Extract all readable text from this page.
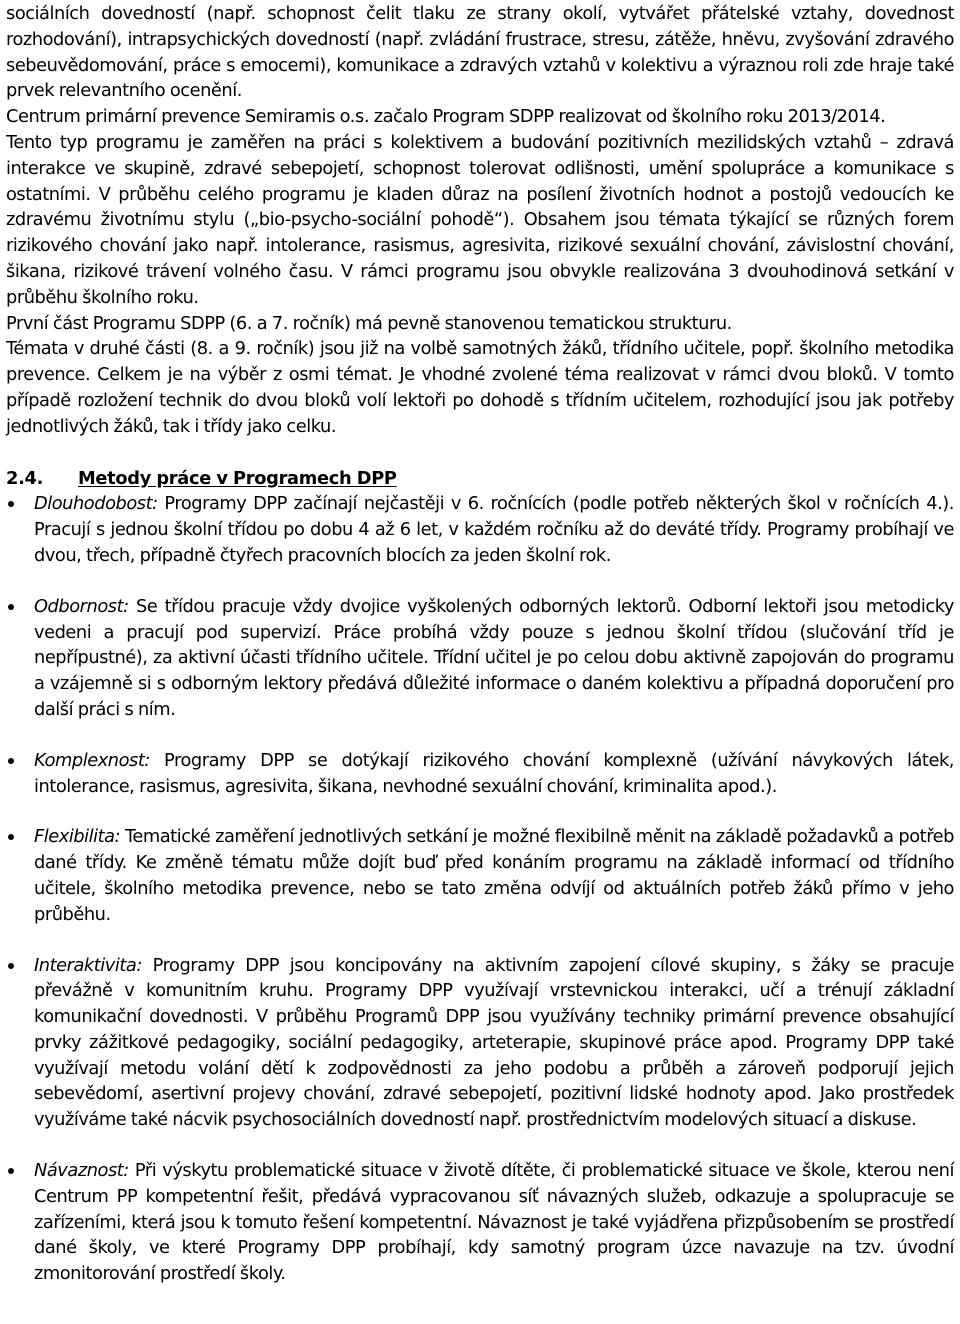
sociálních dovedností (např. schopnost čelit tlaku ze strany okolí, vytvářet přátelské vztahy, dovednost rozhodování), intrapsychických dovedností (např. zvládání frustrace, stresu, zátěže, hněvu, zvyšování zdravého sebeuvědomování, práce s emocemi), komunikace a zdravých vztahů v kolektivu a výraznou roli zde hraje také prvek relevantního ocenění.

Centrum primární prevence Semiramis o.s. začalo Program SDPP realizovat od školního roku 2013/2014.

Tento typ programu je zaměřen na práci s kolektivem a budování pozitivních mezilidských vztahů – zdravá interakce ve skupině, zdravé sebepojetí, schopnost tolerovat odlišnosti, umění spolupráce a komunikace s ostatními. V průběhu celého programu je kladen důraz na posílení životních hodnot a postojů vedoucích ke zdravému životnímu stylu („bio-psycho-sociální pohodě“). Obsahem jsou témata týkající se různých forem rizikového chování jako např. intolerance, rasismus, agresivita, rizikové sexuální chování, závislostní chování, šikana, rizikové trávení volného času. V rámci programu jsou obvykle realizována 3 dvouhodinová setkání v průběhu školního roku.

První část Programu SDPP (6. a 7. ročník) má pevně stanovenou tematickou strukturu.

Témata v druhé části (8. a 9. ročník) jsou již na volbě samotných žáků, třídního učitele, popř. školního metodika prevence. Celkem je na výběr z osmi témat. Je vhodné zvolené téma realizovat v rámci dvou bloků. V tomto případě rozložení technik do dvou bloků volí lektoři po dohodě s třídním učitelem, rozhodující jsou jak potřeby jednotlivých žáků, tak i třídy jako celku.

2.4.	Metody práce v Programech DPP
Dlouhodobost: Programy DPP začínají nejčastěji v 6. ročnících (podle potřeb některých škol v ročnících 4.). Pracují s jednou školní třídou po dobu 4 až 6 let, v každém ročníku až do deváté třídy. Programy probíhají ve dvou, třech, případně čtyřech pracovních blocích za jeden školní rok.
Odbornost: Se třídou pracuje vždy dvojice vyškolených odborných lektorů. Odborní lektoři jsou metodicky vedeni a pracují pod supervizí. Práce probíhá vždy pouze s jednou školní třídou (slučování tříd je nepřípustné), za aktivní účasti třídního učitele. Třídní učitel je po celou dobu aktivně zapojován do programu a vzájemně si s odborným lektory předává důležité informace o daném kolektivu a případná doporučení pro další práci s ním.
Komplexnost: Programy DPP se dotýkají rizikového chování komplexně (užívání návykových látek, intolerance, rasismus, agresivita, šikana, nevhodné sexuální chování, kriminalita apod.).
Flexibilita: Tematické zaměření jednotlivých setkání je možné flexibilně měnit na základě požadavků a potřeb dané třídy. Ke změně tématu může dojít buď před konáním programu na základě informací od třídního učitele, školního metodika prevence, nebo se tato změna odvíjí od aktuálních potřeb žáků přímo v jeho průběhu.
Interaktivita: Programy DPP jsou koncipovány na aktivním zapojení cílové skupiny, s žáky se pracuje převážně v komunitním kruhu. Programy DPP využívají vrstevnickou interakci, učí a trénují základní komunikační dovednosti. V průběhu Programů DPP jsou využívány techniky primární prevence obsahující prvky zážitkové pedagogiky, sociální pedagogiky, arteterapie, skupinové práce apod. Programy DPP také využívají metodu volání dětí k zodpovědnosti za jeho podobu a průběh a zároveň podporují jejich sebevědomí, asertivní projevy chování, zdravé sebepojetí, pozitivní lidské hodnoty apod. Jako prostředek využíváme také nácvik psychosociálních dovedností např. prostřednictvím modelových situací a diskuse.
Návaznost: Při výskytu problematické situace v životě dítěte, či problematické situace ve škole, kterou není Centrum PP kompetentní řešit, předává vypracovanou síť návazných služeb, odkazuje a spolupracuje se zařízeními, která jsou k tomuto řešení kompetentní. Návaznost je také vyjádřena přizpůsobením se prostředí dané školy, ve které Programy DPP probíhají, kdy samotný program úzce navazuje na tzv. úvodní zmonitorování prostředí školy.
